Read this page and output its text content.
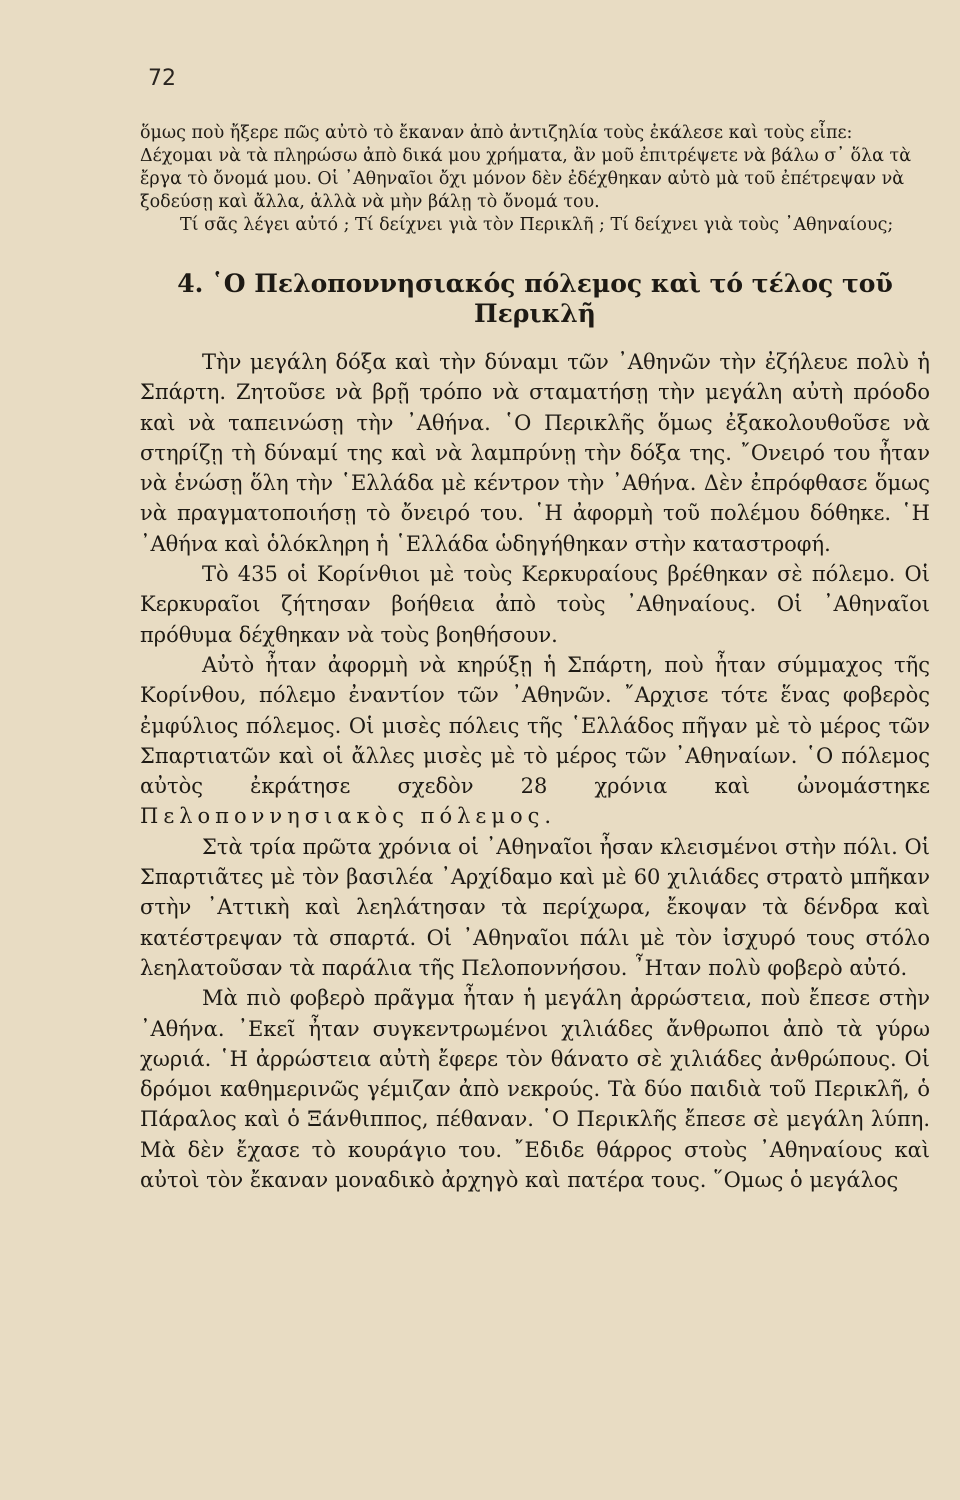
72

ὅμως ποὺ ἤξερε πῶς αὐτὸ τὸ ἔκαναν ἀπὸ ἀντιζηλία τοὺς ἐκάλεσε καὶ τοὺς εἶπε: Δέχομαι νὰ τὰ πληρώσω ἀπὸ δικά μου χρήματα, ἂν μοῦ ἐπιτρέψετε νὰ βάλω σ᾿ ὅλα τὰ ἔργα τὸ ὄνομά μου. Οἱ ᾿Αθηναῖοι ὄχι μόνον δὲν ἐδέχθηκαν αὐτὸ μὰ τοῦ ἐπέτρεψαν νὰ ξοδεύσῃ καὶ ἄλλα, ἀλλὰ νὰ μὴν βάλῃ τὸ ὄνομά του.

Τί σᾶς λέγει αὐτό ; Τί δείχνει γιὰ τὸν Περικλῆ ; Τί δείχνει γιὰ τοὺς ᾿Αθηναίους;

4. ῾Ο Πελοποννησιακός πόλεμος καὶ τό τέλος τοῦ
Περικλῆ

Τὴν μεγάλη δόξα καὶ τὴν δύναμι τῶν ᾿Αθηνῶν τὴν ἐζήλευε πολὺ ἡ Σπάρτη. Ζητοῦσε νὰ βρῇ τρόπο νὰ σταματήσῃ τὴν μεγάλη αὐτὴ πρόοδο καὶ νὰ ταπεινώσῃ τὴν ᾿Αθήνα. ῾Ο Περικλῆς ὅμως ἐξακολουθοῦσε νὰ στηρίζῃ τὴ δύναμί της καὶ νὰ λαμπρύνῃ τὴν δόξα της. ῎Ονειρό του ἦταν νὰ ἑνώσῃ ὅλη τὴν ῾Ελλάδα μὲ κέντρον τὴν ᾿Αθήνα. Δὲν ἐπρόφθασε ὅμως νὰ πραγματοποιήσῃ τὸ ὄνειρό του. ῾Η ἀφορμὴ τοῦ πολέμου δόθηκε. ῾Η ᾿Αθήνα καὶ ὁλόκληρη ἡ ῾Ελλάδα ὡδηγήθηκαν στὴν καταστροφή.

Τὸ 435 οἱ Κορίνθιοι μὲ τοὺς Κερκυραίους βρέθηκαν σὲ πόλεμο. Οἱ Κερκυραῖοι ζήτησαν βοήθεια ἀπὸ τοὺς ᾿Αθηναίους. Οἱ ᾿Αθηναῖοι πρόθυμα δέχθηκαν νὰ τοὺς βοηθήσουν.

Αὐτὸ ἦταν ἀφορμὴ νὰ κηρύξῃ ἡ Σπάρτη, ποὺ ἦταν σύμμαχος τῆς Κορίνθου, πόλεμο ἐναντίον τῶν ᾿Αθηνῶν. ῎Αρχισε τότε ἕνας φοβερὸς ἐμφύλιος πόλεμος. Οἱ μισὲς πόλεις τῆς ῾Ελλάδος πῆγαν μὲ τὸ μέρος τῶν Σπαρτιατῶν καὶ οἱ ἄλλες μισὲς μὲ τὸ μέρος τῶν ᾿Αθηναίων. ῾Ο πόλεμος αὐτὸς ἐκράτησε σχεδὸν 28 χρόνια καὶ ὠνομάστηκε Πελοποννησιακὸς πόλεμος.

Στὰ τρία πρῶτα χρόνια οἱ ᾿Αθηναῖοι ἦσαν κλεισμένοι στὴν πόλι. Οἱ Σπαρτιᾶτες μὲ τὸν βασιλέα ᾿Αρχίδαμο καὶ μὲ 60 χιλιάδες στρατὸ μπῆκαν στὴν ᾿Αττικὴ καὶ λεηλάτησαν τὰ περίχωρα, ἔκοψαν τὰ δένδρα καὶ κατέστρεψαν τὰ σπαρτά. Οἱ ᾿Αθηναῖοι πάλι μὲ τὸν ἰσχυρό τους στόλο λεηλατοῦσαν τὰ παράλια τῆς Πελοποννήσου. ῏Ηταν πολὺ φοβερὸ αὐτό.

Μὰ πιὸ φοβερὸ πρᾶγμα ἦταν ἡ μεγάλη ἀρρώστεια, ποὺ ἔπεσε στὴν ᾿Αθήνα. ᾿Εκεῖ ἦταν συγκεντρωμένοι χιλιάδες ἄνθρωποι ἀπὸ τὰ γύρω χωριά. ῾Η ἀρρώστεια αὐτὴ ἔφερε τὸν θάνατο σὲ χιλιάδες ἀνθρώπους. Οἱ δρόμοι καθημερινῶς γέμιζαν ἀπὸ νεκρούς. Τὰ δύο παιδιὰ τοῦ Περικλῆ, ὁ Πάραλος καὶ ὁ Ξάνθιππος, πέθαναν. ῾Ο Περικλῆς ἔπεσε σὲ μεγάλη λύπη. Μὰ δὲν ἔχασε τὸ κουράγιο του. ῎Εδιδε θάρρος στοὺς ᾿Αθηναίους καὶ αὐτοὶ τὸν ἔκαναν μοναδικὸ ἀρχηγὸ καὶ πατέρα τους. ῞Ομως ὁ μεγάλος
